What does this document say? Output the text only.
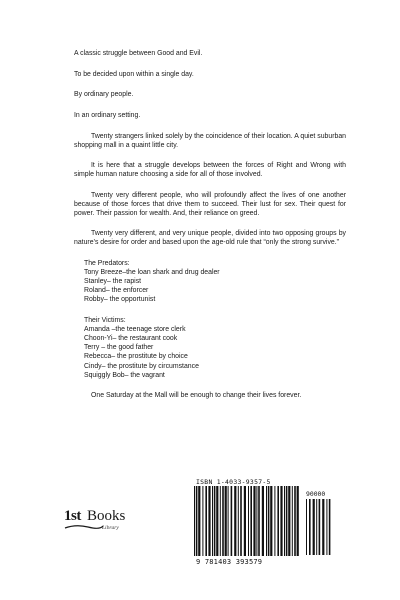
A classic struggle between Good and Evil.

To be decided upon within a single day.

By ordinary people.

In an ordinary setting.

Twenty strangers linked solely by the coincidence of their location. A quiet suburban shopping mall in a quaint little city.

It is here that a struggle develops between the forces of Right and Wrong with simple human nature choosing a side for all of those involved.

Twenty very different people, who will profoundly affect the lives of one another because of those forces that drive them to succeed. Their lust for sex. Their quest for power. Their passion for wealth. And, their reliance on greed.

Twenty very different, and very unique people, divided into two opposing groups by nature’s desire for order and based upon the age-old rule that “only the strong survive.”

The Predators:

Tony Breeze–the loan shark and drug dealer

Stanley– the rapist

Roland– the enforcer

Robby– the opportunist

Their Victims:

Amanda –the teenage store clerk

Choon-Yi– the restaurant cook

Terry – the good father

Rebecca– the prostitute by choice

Cindy– the prostitute by circumstance

Squiggly Bob– the vagrant

One Saturday at the Mall will be enough to change their lives forever.

1st Books
Library
ISBN 1-4033-9357-5
90000
9 781403 393579
